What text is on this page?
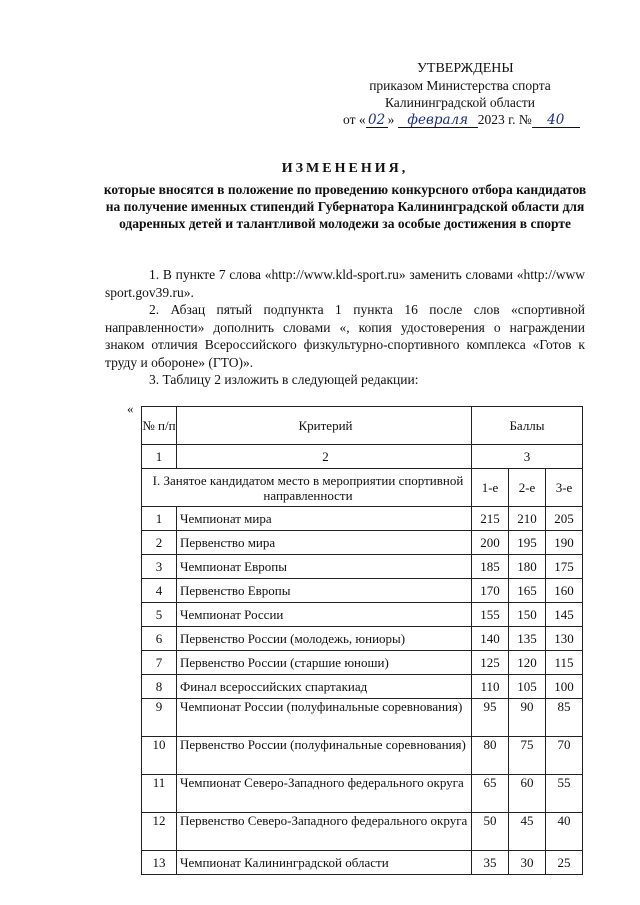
УТВЕРЖДЕНЫ
приказом Министерства спорта
Калининградской области
от « 02 » февраля 2023 г. № 40
ИЗМЕНЕНИЯ,
которые вносятся в положение по проведению конкурсного отбора кандидатов на получение именных стипендий Губернатора Калининградской области для одаренных детей и талантливой молодежи за особые достижения в спорте

1. В пункте 7 слова «http://www.kld-sport.ru» заменить словами «http://www sport.gov39.ru».

2. Абзац пятый подпункта 1 пункта 16 после слов «спортивной направленности» дополнить словами «, копия удостоверения о награждении знаком отличия Всероссийского физкультурно-спортивного комплекса «Готов к труду и обороне» (ГТО)».

3. Таблицу 2 изложить в следующей редакции:

«
№ п/п	Критерий	Баллы		
1	2	3		
I. Занятое кандидатом место в мероприятии спортивной направленности		1-е	2-е	3-е
1	Чемпионат мира	215	210	205
2	Первенство мира	200	195	190
3	Чемпионат Европы	185	180	175
4	Первенство Европы	170	165	160
5	Чемпионат России	155	150	145
6	Первенство России (молодежь, юниоры)	140	135	130
7	Первенство России (старшие юноши)	125	120	115
8	Финал всероссийских спартакиад	110	105	100
9	Чемпионат России (полуфинальные соревнования)	95	90	85
10	Первенство России (полуфинальные соревнования)	80	75	70
11	Чемпионат Северо-Западного федерального округа	65	60	55
12	Первенство Северо-Западного федерального округа	50	45	40
13	Чемпионат Калининградской области	35	30	25
